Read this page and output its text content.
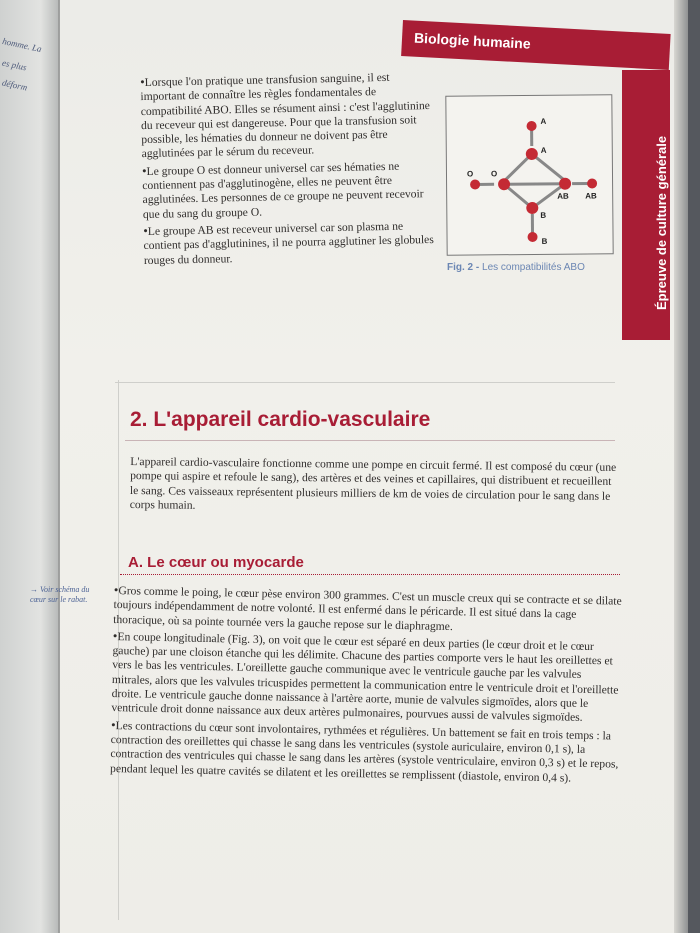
homme. La
es plus
déform
Biologie humaine
Épreuve de culture générale

• Lorsque l'on pratique une transfusion sanguine, il est important de connaître les règles fondamentales de compatibilité ABO. Elles se résument ainsi : c'est l'agglutinine du receveur qui est dangereuse. Pour que la transfusion soit possible, les hématies du donneur ne doivent pas être agglutinées par le sérum du receveur.

• Le groupe O est donneur universel car ses hématies ne contiennent pas d'agglutinogène, elles ne peuvent être agglutinées. Les personnes de ce groupe ne peuvent recevoir que du sang du groupe O.

• Le groupe AB est receveur universel car son plasma ne contient pas d'agglutinines, il ne pourra agglutiner les globules rouges du donneur.

A
A
O O
AB AB
B
B
Fig. 2 - Les compatibilités ABO
2. L'appareil cardio-vasculaire

L'appareil cardio-vasculaire fonctionne comme une pompe en circuit fermé. Il est composé du cœur (une pompe qui aspire et refoule le sang), des artères et des veines et capillaires, qui distribuent et recueillent le sang. Ces vaisseaux représentent plusieurs milliers de km de voies de circulation pour le sang dans le corps humain.

A. Le cœur ou myocarde
→ Voir schéma du cœur sur le rabat.

•	Gros comme le poing, le cœur pèse environ 300 grammes. C'est un muscle creux qui se contracte et se dilate toujours indépendamment de notre volonté. Il est enfermé dans le péricarde. Il est situé dans la cage thoracique, où sa pointe tournée vers la gauche repose sur le diaphragme.

• En coupe longitudinale (Fig. 3), on voit que le cœur est séparé en deux parties (le cœur droit et le cœur gauche) par une cloison étanche qui les délimite. Chacune des parties comporte vers le haut les oreillettes et vers le bas les ventricules. L'oreillette gauche communique avec le ventricule gauche par les valvules mitrales, alors que les valvules tricuspides permettent la communication entre le ventricule droit et l'oreillette droite. Le ventricule gauche donne naissance à l'artère aorte, munie de valvules sigmoïdes, alors que le ventricule droit donne naissance aux deux artères pulmonaires, pourvues aussi de valvules sigmoïdes.

• Les contractions du cœur sont involontaires, rythmées et régulières. Un battement se fait en trois temps : la contraction des oreillettes qui chasse le sang dans les ventricules (systole auriculaire, environ 0,1 s), la contraction des ventricules qui chasse le sang dans les artères (systole ventriculaire, environ 0,3 s) et le repos, pendant lequel les quatre cavités se dilatent et les oreillettes se remplissent (diastole, environ 0,4 s).
